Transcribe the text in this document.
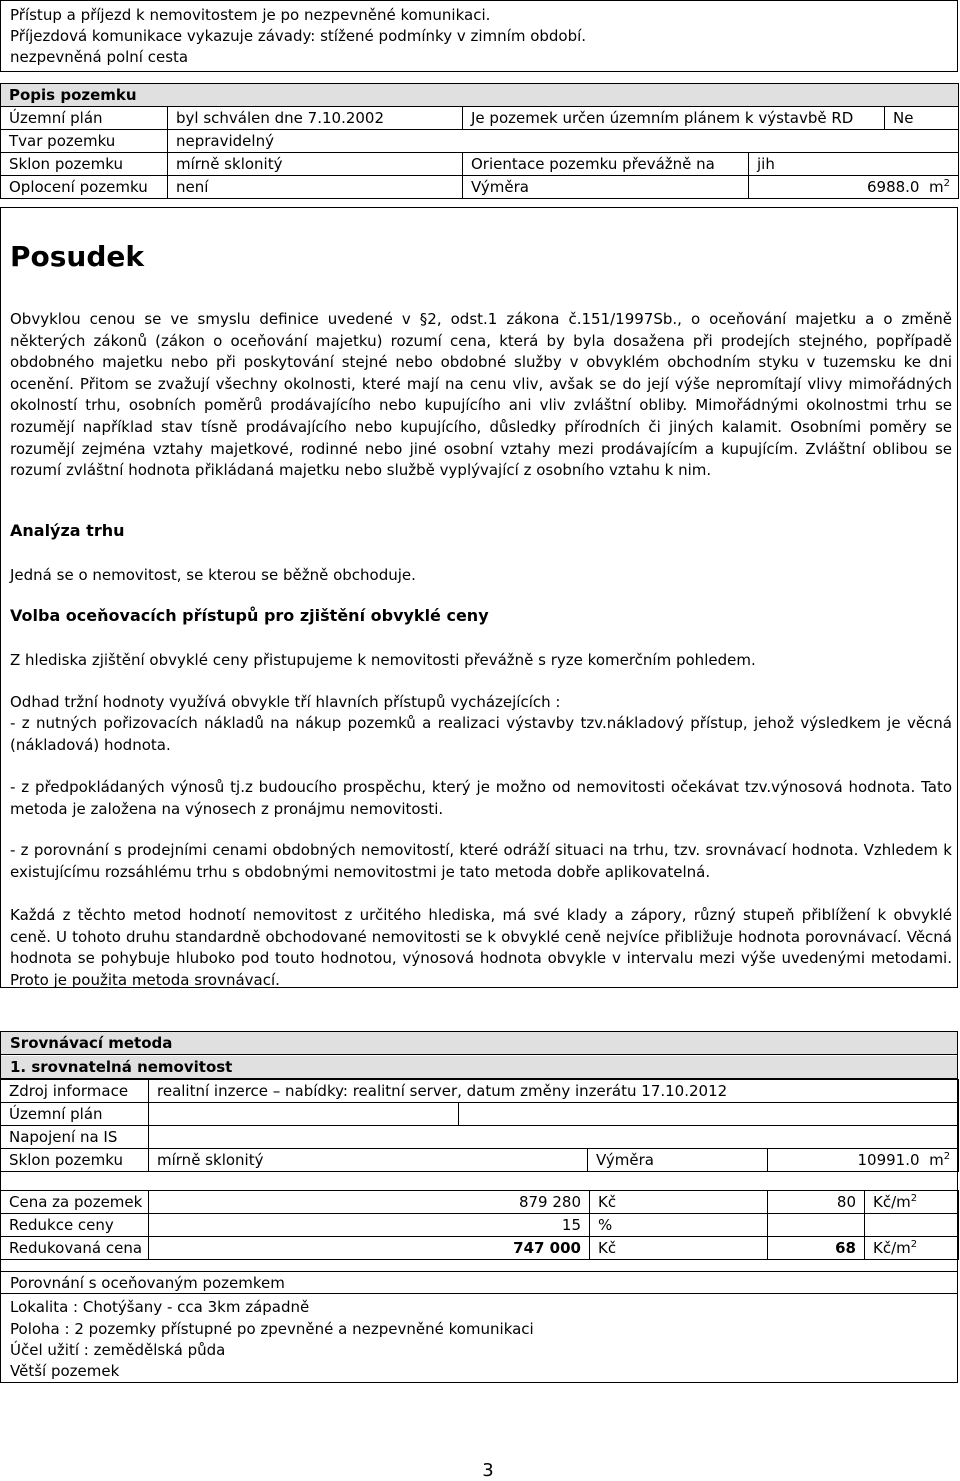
Přístup a příjezd k nemovitostem je po nezpevněné komunikaci.
Příjezdová komunikace vykazuje závady: stížené podmínky v zimním období.
nezpevněná polní cesta
Popis pozemku				
Územní plán	byl schválen dne 7.10.2002	Je pozemek určen územním plánem k výstavbě RD		Ne
Tvar pozemku	nepravidelný			
Sklon pozemku	mírně sklonitý	Orientace pozemku převážně na	jih	
Oplocení pozemku	není	Výměra	6988.0 $m^2$
Posudek
Obvyklou cenou se ve smyslu definice uvedené v §2, odst.1 zákona č.151/1997Sb., o oceňování majetku a o změně některých zákonů (zákon o oceňování majetku) rozumí cena, která by byla dosažena při prodejích stejného, popřípadě obdobného majetku nebo při poskytování stejné nebo obdobné služby v obvyklém obchodním styku v tuzemsku ke dni ocenění. Přitom se zvažují všechny okolnosti, které mají na cenu vliv, avšak se do její výše nepromítají vlivy mimořádných okolností trhu, osobních poměrů prodávajícího nebo kupujícího ani vliv zvláštní obliby. Mimořádnými okolnostmi trhu se rozumějí například stav tísně prodávajícího nebo kupujícího, důsledky přírodních či jiných kalamit. Osobními poměry se rozumějí zejména vztahy majetkové, rodinné nebo jiné osobní vztahy mezi prodávajícím a kupujícím. Zvláštní oblibou se rozumí zvláštní hodnota přikládaná majetku nebo službě vyplývající z osobního vztahu k nim.
Analýza trhu
Jedná se o nemovitost, se kterou se běžně obchoduje.
Volba oceňovacích přístupů pro zjištění obvyklé ceny
Z hlediska zjištění obvyklé ceny přistupujeme k nemovitosti převážně s ryze komerčním pohledem.
Odhad tržní hodnoty využívá obvykle tří hlavních přístupů vycházejících :
- z nutných pořizovacích nákladů na nákup pozemků a realizaci výstavby tzv.nákladový přístup, jehož výsledkem je věcná (nákladová) hodnota.
- z předpokládaných výnosů tj.z budoucího prospěchu, který je možno od nemovitosti očekávat tzv.výnosová hodnota. Tato metoda je založena na výnosech z pronájmu nemovitosti.
- z porovnání s prodejními cenami obdobných nemovitostí, které odráží situaci na trhu, tzv. srovnávací hodnota. Vzhledem k existujícímu rozsáhlému trhu s obdobnými nemovitostmi je tato metoda dobře aplikovatelná.
Každá z těchto metod hodnotí nemovitost z určitého hlediska, má své klady a zápory, různý stupeň přiblížení k obvyklé ceně. U tohoto druhu standardně obchodované nemovitosti se k obvyklé ceně nejvíce přibližuje hodnota porovnávací. Věcná hodnota se pohybuje hluboko pod touto hodnotou, výnosová hodnota obvykle v intervalu mezi výše uvedenými metodami. Proto je použita metoda srovnávací.
Srovnávací metoda
1. srovnatelná nemovitost
Zdroj informace	realitní inzerce – nabídky: realitní server, datum změny inzerátu 17.10.2012			
Územní plán				
Napojení na IS				
Sklon pozemku	mírně sklonitý		Výměra	10991.0 $m^2$
Cena za pozemek	879 280	Kč	80	$Kč/m^2$
Redukce ceny	15	%		
Redukovaná cena	747 000	Kč	68	$Kč/m^2$
Porovnání s oceňovaným pozemkem
Lokalita : Chotýšany - cca 3km západně
Poloha : 2 pozemky přístupné po zpevněné a nezpevněné komunikaci
Účel užití : zemědělská půda
Větší pozemek
3
